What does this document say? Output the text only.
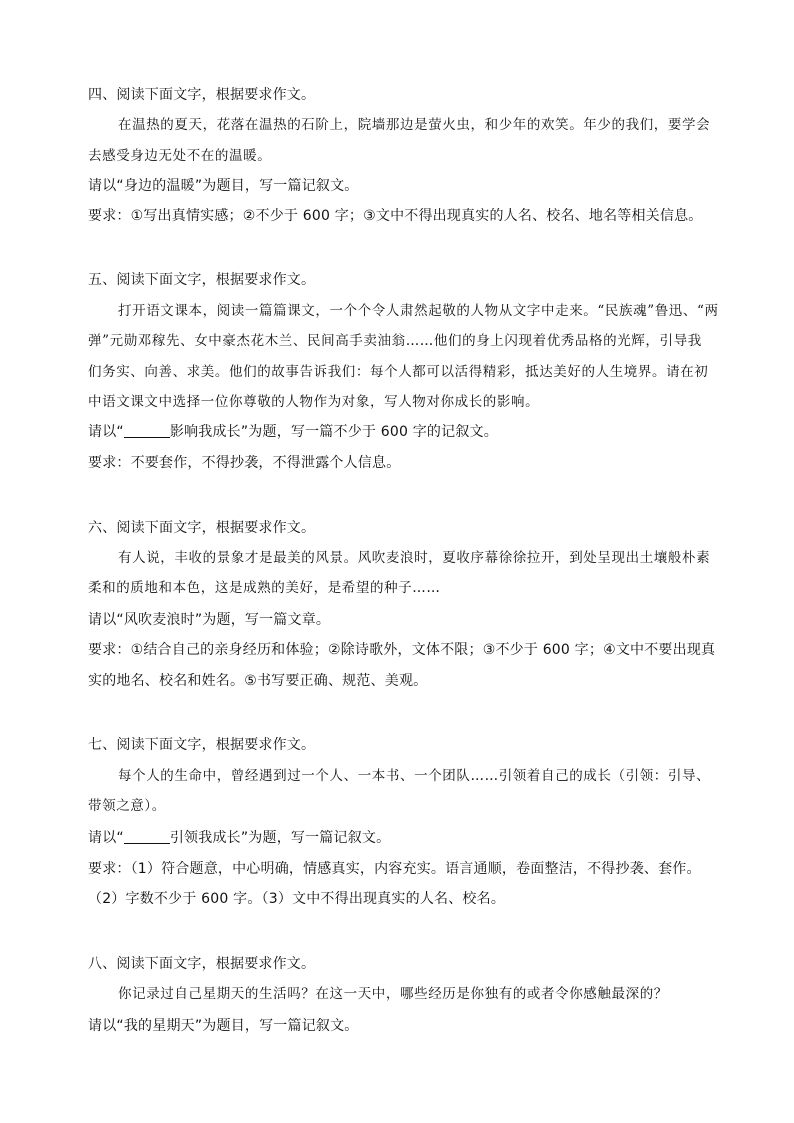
四、阅读下面文字，根据要求作文。
在温热的夏天，花落在温热的石阶上，院墙那边是萤火虫，和少年的欢笑。年少的我们，要学会
去感受身边无处不在的温暖。
请以“身边的温暖”为题目，写一篇记叙文。
要求：①写出真情实感；②不少于 600 字；③文中不得出现真实的人名、校名、地名等相关信息。
五、阅读下面文字，根据要求作文。
打开语文课本，阅读一篇篇课文，一个个令人肃然起敬的人物从文字中走来。“民族魂”鲁迅、“两
弹”元勋邓稼先、女中豪杰花木兰、民间高手卖油翁……他们的身上闪现着优秀品格的光辉，引导我
们务实、向善、求美。他们的故事告诉我们：每个人都可以活得精彩，抵达美好的人生境界。请在初
中语文课文中选择一位你尊敬的人物作为对象，写人物对你成长的影响。
请以“	影响我成长”为题，写一篇不少于 600 字的记叙文。
要求：不要套作，不得抄袭，不得泄露个人信息。
六、阅读下面文字，根据要求作文。
有人说，丰收的景象才是最美的风景。风吹麦浪时，夏收序幕徐徐拉开，到处呈现出土壤般朴素
柔和的质地和本色，这是成熟的美好，是希望的种子……
请以“风吹麦浪时”为题，写一篇文章。
要求：①结合自己的亲身经历和体验；②除诗歌外，文体不限；③不少于 600 字；④文中不要出现真
实的地名、校名和姓名。⑤书写要正确、规范、美观。
七、阅读下面文字，根据要求作文。
每个人的生命中，曾经遇到过一个人、一本书、一个团队……引领着自己的成长（引领：引导、
带领之意）。
请以“	引领我成长”为题，写一篇记叙文。
要求：（1）符合题意，中心明确，情感真实，内容充实。语言通顺，卷面整洁，不得抄袭、套作。
（2）字数不少于 600 字。（3）文中不得出现真实的人名、校名。
八、阅读下面文字，根据要求作文。
你记录过自己星期天的生活吗？在这一天中，哪些经历是你独有的或者令你感触最深的？
请以“我的星期天”为题目，写一篇记叙文。
